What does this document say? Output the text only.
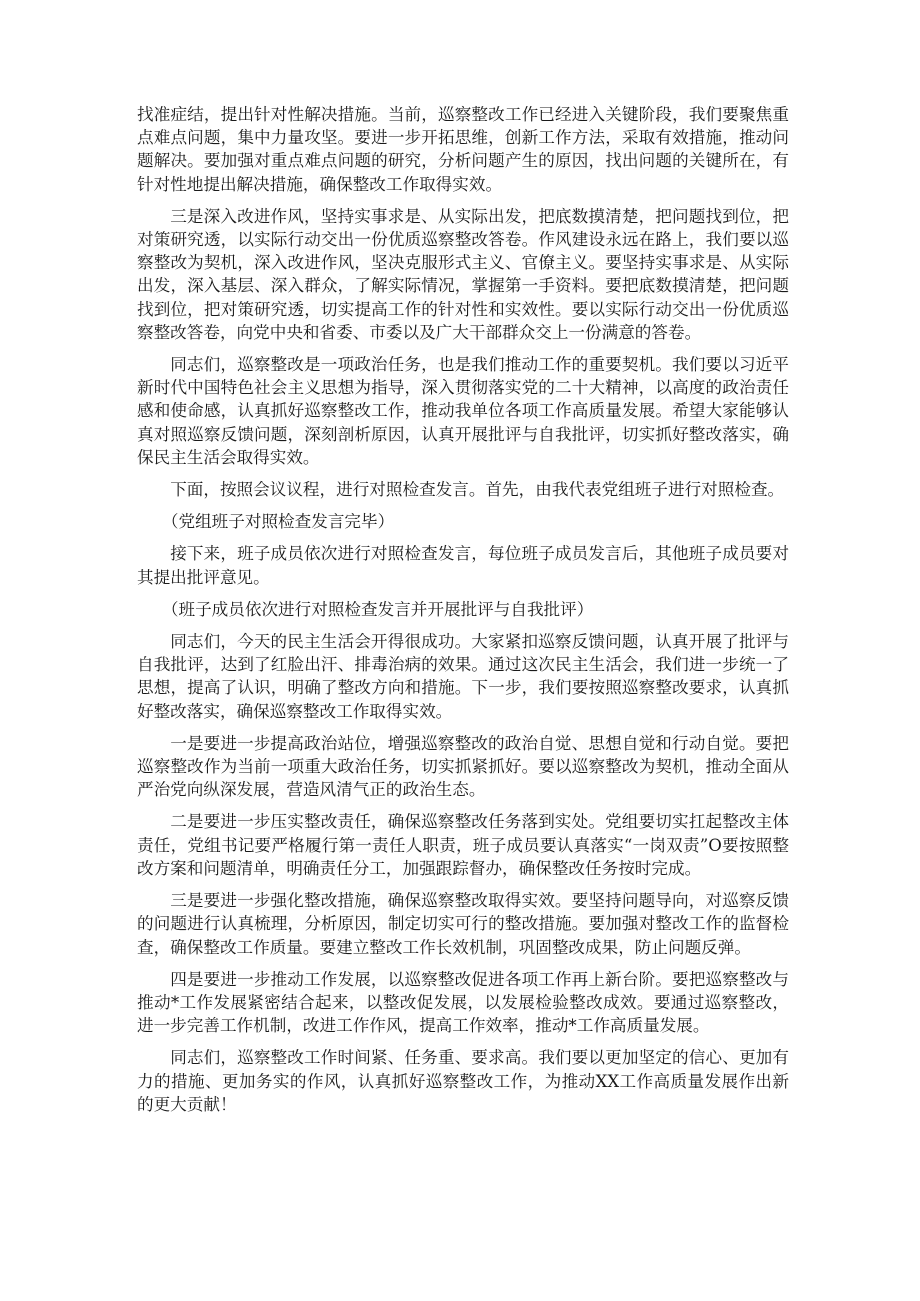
找准症结，提出针对性解决措施。当前，巡察整改工作已经进入关键阶段，我们要聚焦重点难点问题，集中力量攻坚。要进一步开拓思维，创新工作方法，采取有效措施，推动问题解决。要加强对重点难点问题的研究，分析问题产生的原因，找出问题的关键所在，有针对性地提出解决措施，确保整改工作取得实效。

三是深入改进作风，坚持实事求是、从实际出发，把底数摸清楚，把问题找到位，把对策研究透，以实际行动交出一份优质巡察整改答卷。作风建设永远在路上，我们要以巡察整改为契机，深入改进作风，坚决克服形式主义、官僚主义。要坚持实事求是、从实际出发，深入基层、深入群众，了解实际情况，掌握第一手资料。要把底数摸清楚，把问题找到位，把对策研究透，切实提高工作的针对性和实效性。要以实际行动交出一份优质巡察整改答卷，向党中央和省委、市委以及广大干部群众交上一份满意的答卷。

同志们，巡察整改是一项政治任务，也是我们推动工作的重要契机。我们要以习近平新时代中国特色社会主义思想为指导，深入贯彻落实党的二十大精神，以高度的政治责任感和使命感，认真抓好巡察整改工作，推动我单位各项工作高质量发展。希望大家能够认真对照巡察反馈问题，深刻剖析原因，认真开展批评与自我批评，切实抓好整改落实，确保民主生活会取得实效。

下面，按照会议议程，进行对照检查发言。首先，由我代表党组班子进行对照检查。

（党组班子对照检查发言完毕）

接下来，班子成员依次进行对照检查发言，每位班子成员发言后，其他班子成员要对其提出批评意见。

（班子成员依次进行对照检查发言并开展批评与自我批评）

同志们，今天的民主生活会开得很成功。大家紧扣巡察反馈问题，认真开展了批评与自我批评，达到了红脸出汗、排毒治病的效果。通过这次民主生活会，我们进一步统一了思想，提高了认识，明确了整改方向和措施。下一步，我们要按照巡察整改要求，认真抓好整改落实，确保巡察整改工作取得实效。

一是要进一步提高政治站位，增强巡察整改的政治自觉、思想自觉和行动自觉。要把巡察整改作为当前一项重大政治任务，切实抓紧抓好。要以巡察整改为契机，推动全面从严治党向纵深发展，营造风清气正的政治生态。

二是要进一步压实整改责任，确保巡察整改任务落到实处。党组要切实扛起整改主体责任，党组书记要严格履行第一责任人职责，班子成员要认真落实“一岗双责”O要按照整改方案和问题清单，明确责任分工，加强跟踪督办，确保整改任务按时完成。

三是要进一步强化整改措施，确保巡察整改取得实效。要坚持问题导向，对巡察反馈的问题进行认真梳理，分析原因，制定切实可行的整改措施。要加强对整改工作的监督检查，确保整改工作质量。要建立整改工作长效机制，巩固整改成果，防止问题反弹。

四是要进一步推动工作发展，以巡察整改促进各项工作再上新台阶。要把巡察整改与推动*工作发展紧密结合起来，以整改促发展，以发展检验整改成效。要通过巡察整改，进一步完善工作机制，改进工作作风，提高工作效率，推动*工作高质量发展。

同志们，巡察整改工作时间紧、任务重、要求高。我们要以更加坚定的信心、更加有力的措施、更加务实的作风，认真抓好巡察整改工作，为推动XX工作高质量发展作出新的更大贡献！
